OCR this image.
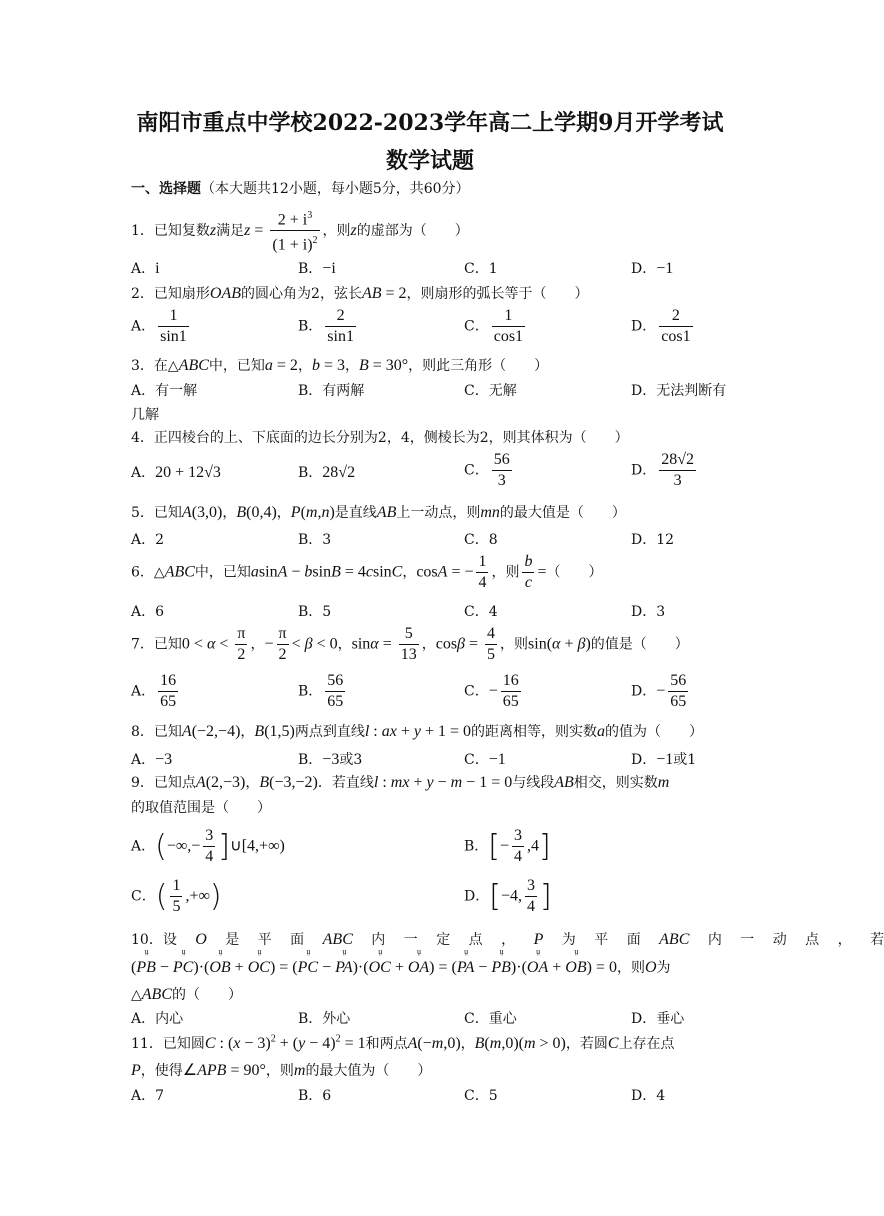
南阳市重点中学校2022-2023学年高二上学期9月开学考试
数学试题
一、选择题（本大题共12小题，每小题5分，共60分）
1．已知复数z满足$z = \frac{2 + i^3}{(1 + i)^2}$ ，则z的虚部为（　　）
A．i	B．−i	C．1	D．−1
2．已知扇形OAB的圆心角为2，弦长AB = 2，则扇形的弧长等于（　　）
A． $\frac{1}{\sin 1}$	B． $\frac{2}{\sin 1}$	C． $\frac{1}{\cos 1}$	D． $\frac{2}{\cos 1}$
3．在△ABC中，已知a = 2，b = 3，B = 30°，则此三角形（　　）
A．有一解	B．有两解	C．无解	D．无法判断有
几解
4．正四棱台的上、下底面的边长分别为2，4，侧棱长为2，则其体积为（　　）
A．20 + 12√3	B．28√2	C． $\frac{56}{3}$	D． $\frac{28√2}{3}$
5．已知A(3,0)，B(0,4)，P(m,n)是直线AB上一动点，则mn的最大值是（　　）
A．2	B．3	C．8	D．12
6．△ABC中，已知asinA − bsinB = 4csinC，cosA = − $\frac{1}{4}$ ，则 $\frac{b}{c}$ =（　　）
A．6	B．5	C．4	D．3
7．已知$0 < \alpha < \frac{\pi}{2}$ ，− $\frac{\pi}{2} < \beta < 0$，$\sin\alpha = \frac{5}{13}$ ，$\cos\beta = \frac{4}{5}$ ，则sin(α + β)的值是（　　）
A． $\frac{16}{65}$	B． $\frac{56}{65}$	C．− $\frac{16}{65}$	D．− $\frac{56}{65}$
8．已知A(−2,−4)，B(1,5)两点到直线l : ax + y + 1 = 0的距离相等，则实数a的值为（　　）
A．−3	B．−3或3	C．−1	D．−1或1
9．已知点A(2,−3)，B(−3,−2)．若直线l : mx + y − m − 1 = 0与线段AB相交，则实数m
的取值范围是（　　）
A．(−∞,− $\frac{3}{4}$ ]∪[4,+∞)	B．[− $\frac{3}{4} ,4$]
C．( $\frac{1}{5}$ ,+∞)	D．[−4, $\frac{3}{4}$ ]
10．设 O 是 平 面 ABC 内 一 定 点 ， P 为 平 面 ABC 内 一 动 点 ， 若
(ṳ PB − ṳ PC)·(ṳ OB + ṳ OC) = (ṳ PC − ṳ PA)·(ṳ OC + ṳ OA) = (ṳ PA − ṳ PB)·(ṳ OA + ṳ OB) = 0，则O为
△ABC的（　　）
A．内心	B．外心	C．重心	D．垂心
11．已知圆C : $(x - 3)^2 + (y - 4)^2 = 1$和两点A(−m,0)，B(m,0)(m > 0)，若圆C上存在点
P，使得∠APB = 90°，则m的最大值为（　　）
A．7	B．6	C．5	D．4
